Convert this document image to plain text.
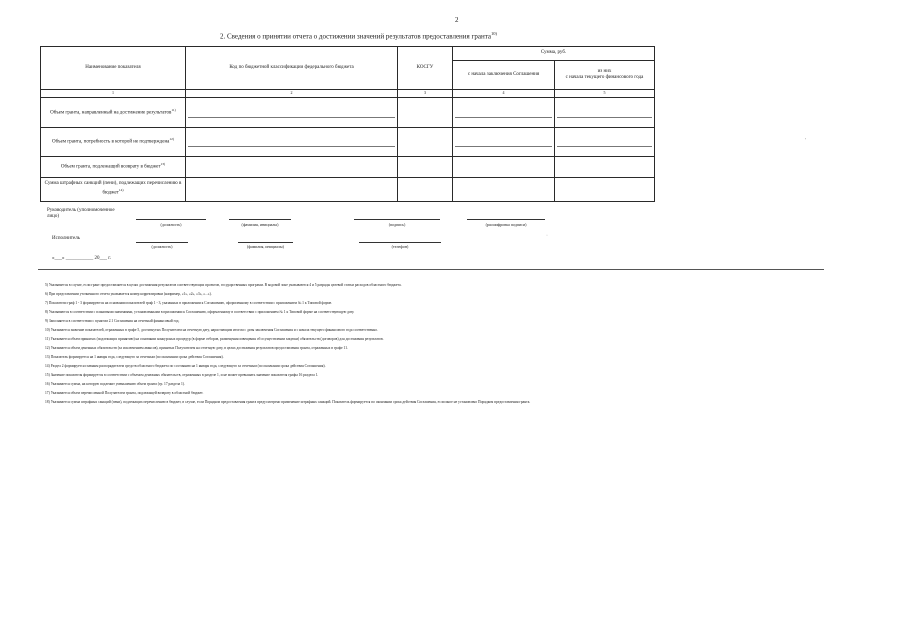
2
2. Сведения о принятии отчета о достижении значений результатов предоставления гранта$^{10)}$
Наименование показателя	Код по бюджетной классификации федерального бюджета	КОСГУ	Сумма, руб.	
			с начала заключения Соглашения	из них
с начала текущего финансового года

1	2	3	4	5
Объем гранта, направленный на достижение результатов$^{11)}$	

Объем гранта, потребность в которой не подтверждена$^{12)}$	

Объем гранта, подлежащий возврату в бюджет$^{13)}$				
Сумма штрафных санкций (пени), подлежащих перечислению в бюджет$^{14)}$				
Руководитель (уполномоченное лицо)
(должность)	(фамилия, инициалы)	(подпись)	(расшифровка подписи)
Исполнитель
(должность)	(фамилия, инициалы)	(телефон)
«___» ___________ 20___ г.
·
'
5) Указывается в случае, если грант предоставляется в целях достижения результатов соответствующих проектов, государственных программ. В кодовой зоне указываются 4 и 5 разряды целевой статьи расходов областного бюджета.
6) При представлении уточненного отчета указывается номер корректировки (например, «1», «2», «3», «...»).
7) Показатели граф 1 - 3 формируются на основании показателей граф 1 - 3, указанных в приложении к Соглашению, оформленному в соответствии с приложением № 1 к Типовой форме.
8) Указываются в соответствии с плановыми значениями, установленными в приложении к Соглашению, оформленному в соответствии с приложением № 1 к Типовой форме на соответствующую дату.
9) Заполняется в соответствии с пунктом 2.1 Соглашения на отчетный финансовый год.
10) Указывается значение показателей, отраженных в графе 5, достигнутых Получателем на отчетную дату, нарастающим итогом с даты заключения Соглашения и с начала текущего финансового года соответственно.
11) Указывается объем принятых (подлежащих принятию) на основании конкурсных процедур (в форме отборов, размещения извещения об осуществлении закупки) обязательств (договоров) для достижения результатов.
12) Указывается объем денежных обязательств (за исключением авансов), принятых Получателем на отчетную дату, в целях достижения результатов предоставления гранта, отраженных в графе 11.
13) Показатель формируется на 1 января года, следующего за отчетным (по окончании срока действия Соглашения).
14) Раздел 2 формируется главным распорядителем средств областного бюджета по состоянию на 1 января года, следующего за отчетным (по окончании срока действия Соглашения).
15) Значение показателя формируется в соответствии с объемом денежных обязательств, отраженных в разделе 1, и не может превышать значение показателя графы 16 раздела 1.
16) Указывается сумма, на которую подлежит уменьшению объем гранта (гр. 17 раздела 1).
17) Указывается объем перечисленной Получателем гранта, подлежащей возврату в областной бюджет.
18) Указывается сумма штрафных санкций (пени), подлежащих перечислению в бюджет, в случае, если Порядком предоставления гранта предусмотрено применение штрафных санкций. Показатель формируется по окончании срока действия Соглашения, если иное не установлено Порядком предоставления гранта.
